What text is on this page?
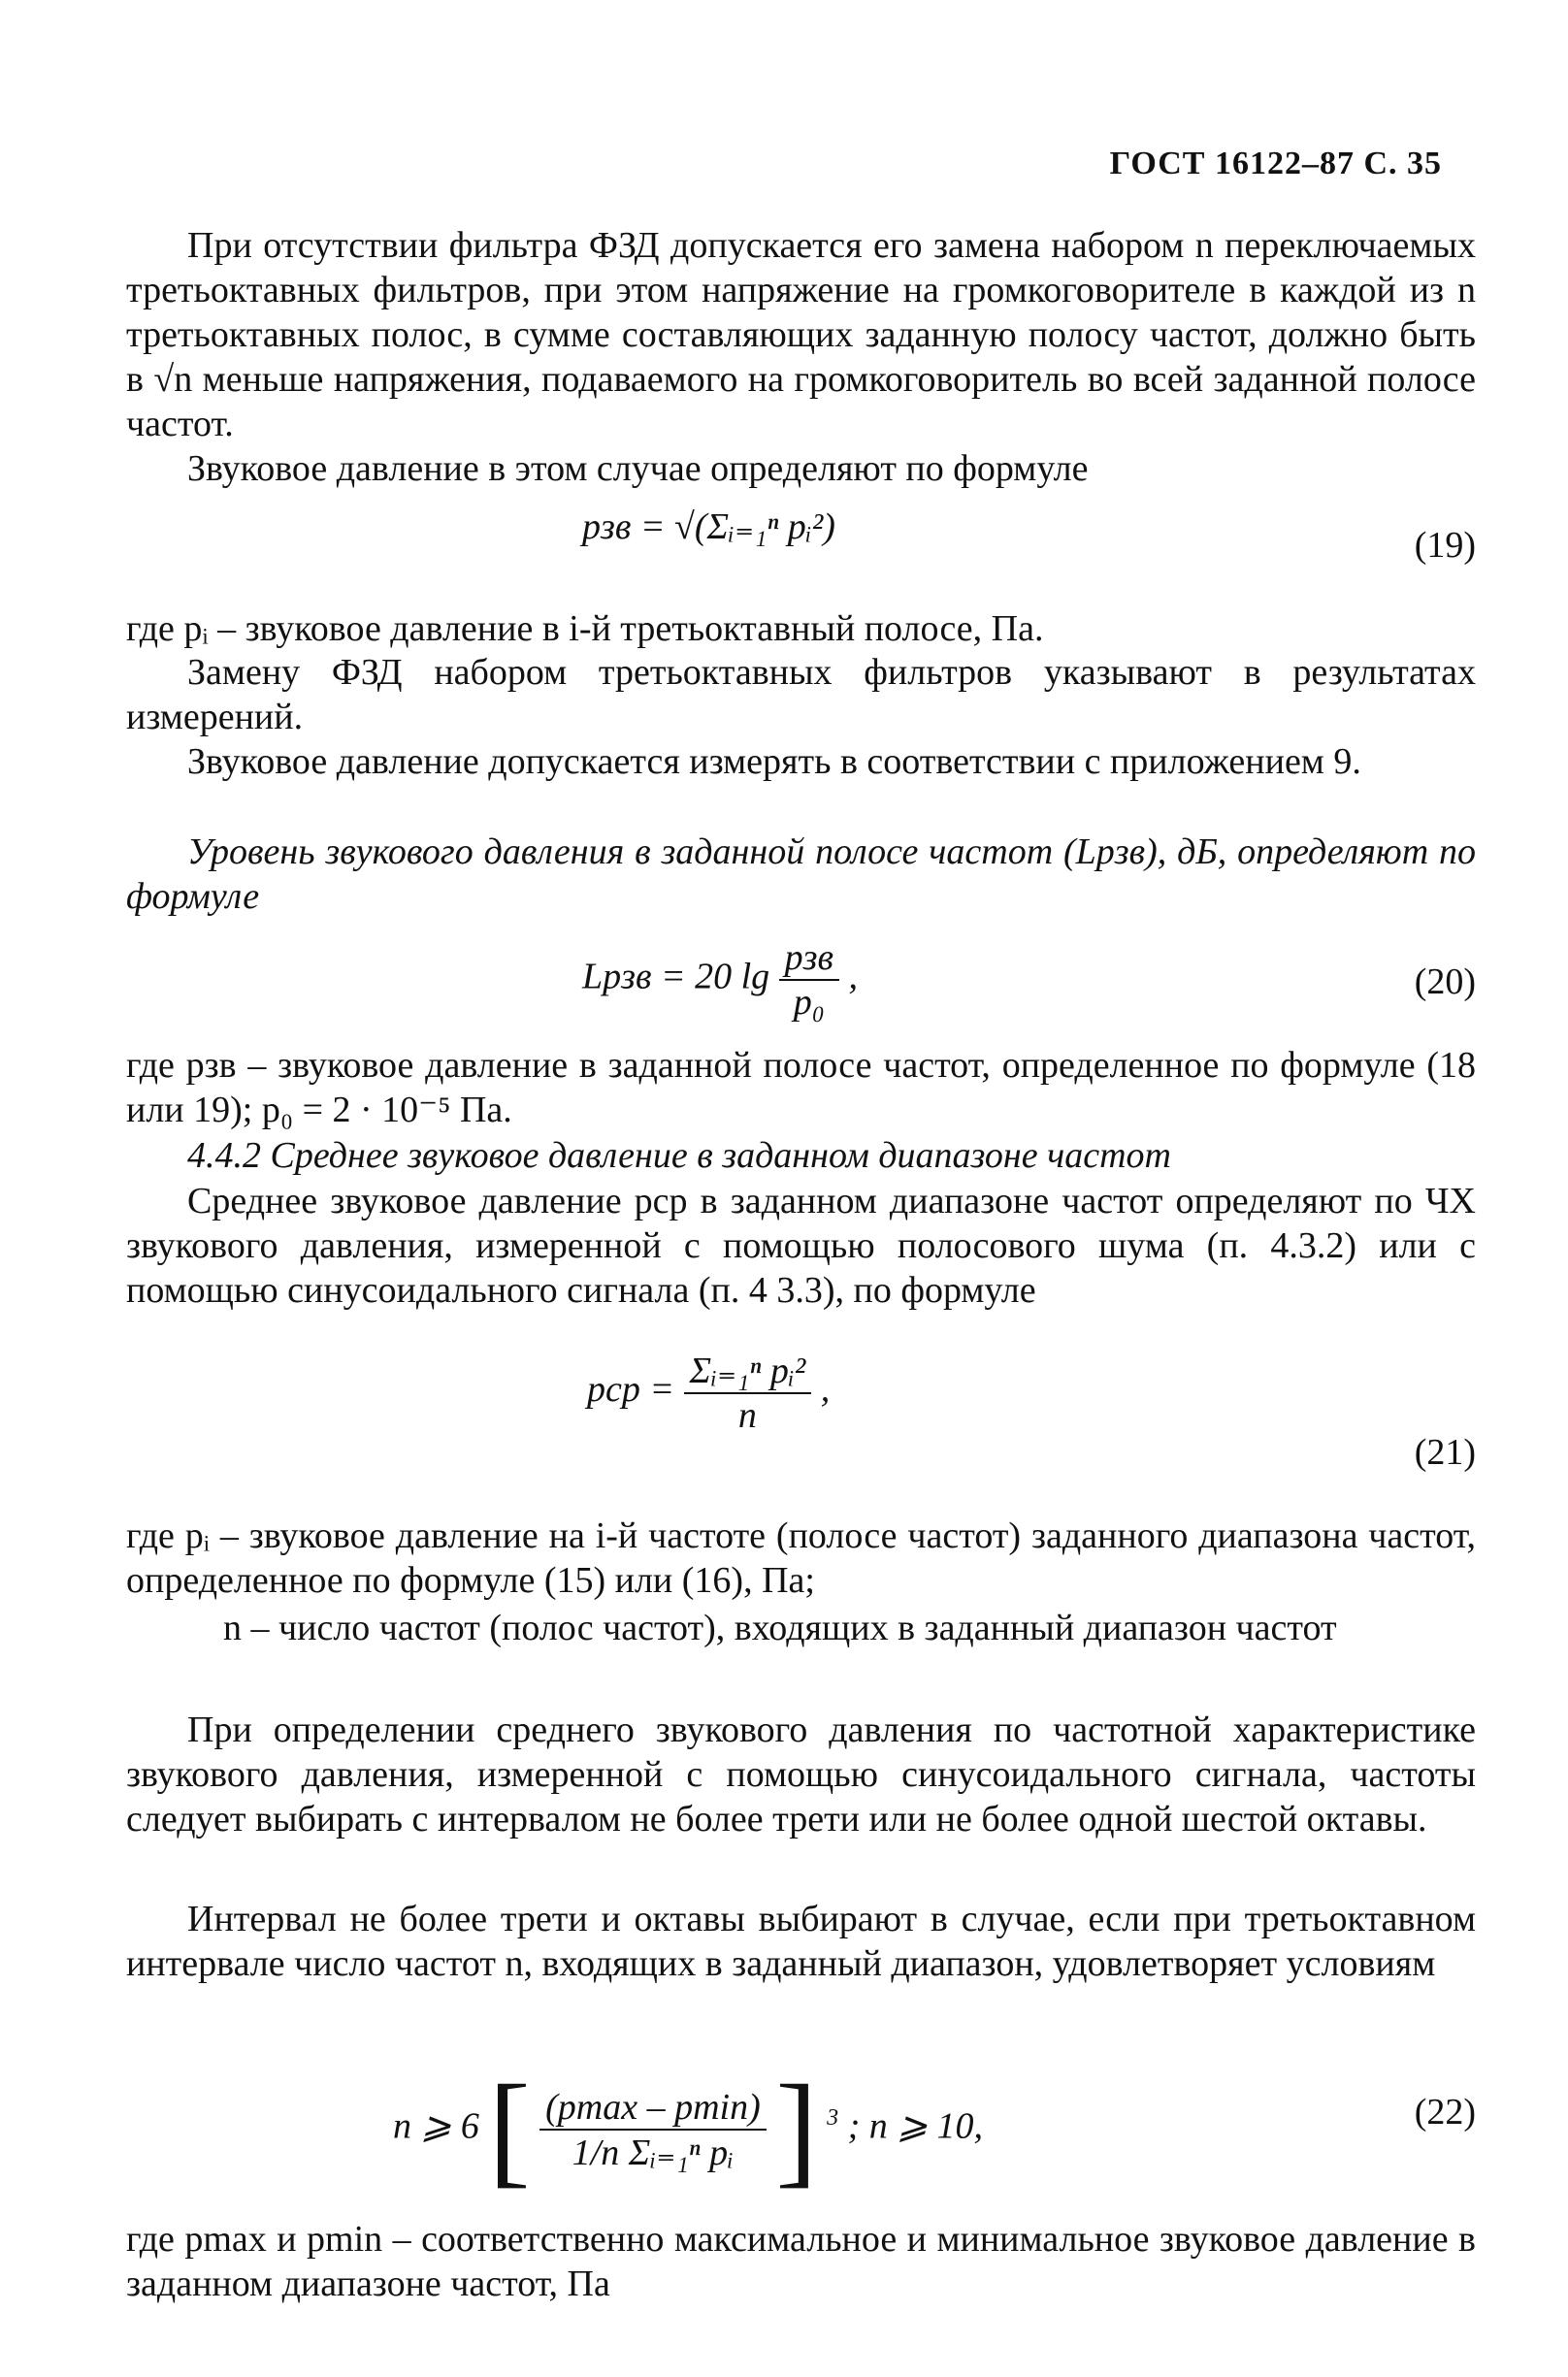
ГОСТ 16122–87 С. 35

При отсутствии фильтра ФЗД допускается его замена набором n переключаемых третьоктавных фильтров, при этом напряжение на громкоговорителе в каждой из n третьоктавных полос, в сумме составляющих заданную полосу частот, должно быть в √n меньше напряжения, подаваемого на громкоговоритель во всей заданной полосе частот.

Звуковое давление в этом случае определяют по формуле

pзв = √(Σᵢ₌₁ⁿ pᵢ²)	(19)

где pᵢ – звуковое давление в i-й третьоктавный полосе, Па.

Замену ФЗД набором третьоктавных фильтров указывают в результатах измерений.

Звуковое давление допускается измерять в соответствии с приложением 9.

Уровень звукового давления в заданной полосе частот (Lpзв), дБ, определяют по формуле

Lpзв = 20 $\lg \frac{\text{pзв}}{\text{p₀}}$ ,	(20)

где pзв – звуковое давление в заданной полосе частот, определенное по формуле (18 или 19); p₀ = 2 · 10⁻⁵ Па.

4.4.2 Среднее звуковое давление в заданном диапазоне частот

Среднее звуковое давление pср в заданном диапазоне частот определяют по ЧХ звукового давления, измеренной с помощью полосового шума (п. 4.3.2) или с помощью синусоидального сигнала (п. 4 3.3), по формуле

pср = $\frac{\text{Σᵢ₌₁ⁿ pᵢ²}}{n}$ ,
(21)

где pᵢ – звуковое давление на i-й частоте (полосе частот) заданного диапазона частот, определенное по формуле (15) или (16), Па;

n – число частот (полос частот), входящих в заданный диапазон частот

При определении среднего звукового давления по частотной характеристике звукового давления, измеренной с помощью синусоидального сигнала, частоты следует выбирать с интервалом не более трети или не более одной шестой октавы.

Интервал не более трети и октавы выбирают в случае, если при третьоктавном интервале число частот n, входящих в заданный диапазон, удовлетворяет условиям

n ⩾ 6 [ $\frac{(pmax - pmin)}{\text{1/n Σᵢ₌₁ⁿ pᵢ}}$ ] $^3$ ; n ⩾ 10,	(22)

где pmax и pmin – соответственно максимальное и минимальное звуковое давление в заданном диапазоне частот, Па
